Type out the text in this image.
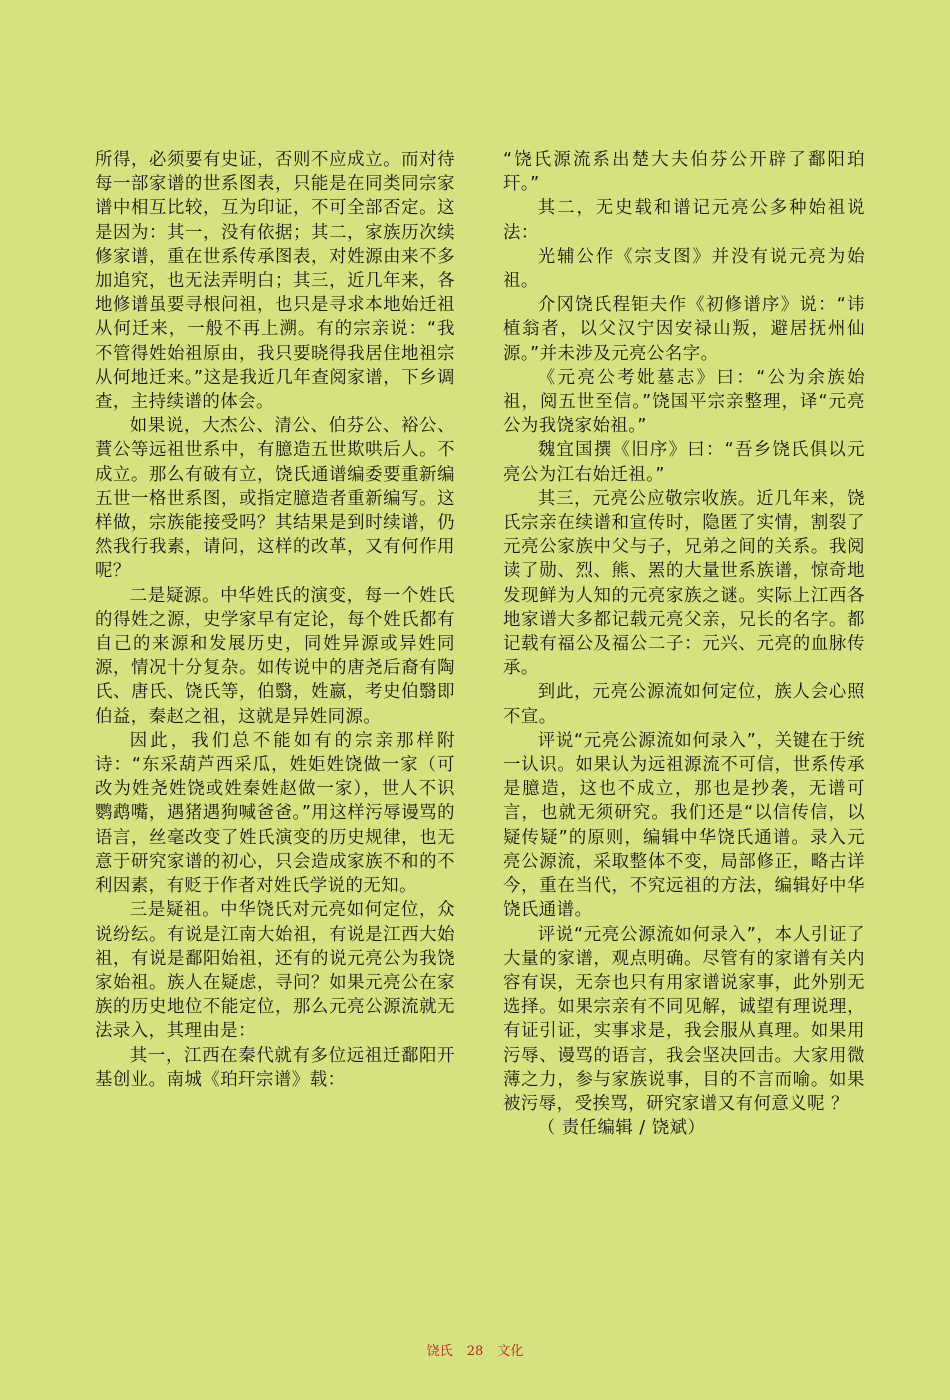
所得，必须要有史证，否则不应成立。而对待每一部家谱的世系图表，只能是在同类同宗家谱中相互比较，互为印证，不可全部否定。这是因为：其一，没有依据；其二，家族历次续修家谱，重在世系传承图表，对姓源由来不多加追究，也无法弄明白；其三，近几年来，各地修谱虽要寻根问祖，也只是寻求本地始迁祖从何迁来，一般不再上溯。有的宗亲说：“我不管得姓始祖原由，我只要晓得我居住地祖宗从何地迁来。”这是我近几年查阅家谱，下乡调查，主持续谱的体会。

如果说，大杰公、清公、伯芬公、裕公、蕡公等远祖世系中，有臆造五世欺哄后人。不成立。那么有破有立，饶氏通谱编委要重新编五世一格世系图，或指定臆造者重新编写。这样做，宗族能接受吗？其结果是到时续谱，仍然我行我素，请问，这样的改革，又有何作用呢？

二是疑源。中华姓氏的演变，每一个姓氏的得姓之源，史学家早有定论，每个姓氏都有自己的来源和发展历史，同姓异源或异姓同源，情况十分复杂。如传说中的唐尧后裔有陶氏、唐氏、饶氏等，伯翳，姓嬴，考史伯翳即伯益，秦赵之祖，这就是异姓同源。

因此，我们总不能如有的宗亲那样附诗：“东采葫芦西采瓜，姓姖姓饶做一家（可改为姓尧姓饶或姓秦姓赵做一家），世人不识鹦鹉嘴，遇猪遇狗喊爸爸。”用这样污辱谩骂的语言，丝毫改变了姓氏演变的历史规律，也无意于研究家谱的初心，只会造成家族不和的不利因素，有贬于作者对姓氏学说的无知。

三是疑祖。中华饶氏对元亮如何定位，众说纷纭。有说是江南大始祖，有说是江西大始祖，有说是鄱阳始祖，还有的说元亮公为我饶家始祖。族人在疑虑，寻问？如果元亮公在家族的历史地位不能定位，那么元亮公源流就无法录入，其理由是：

其一，江西在秦代就有多位远祖迁鄱阳开基创业。南城《珀玕宗谱》载：

“饶氏源流系出楚大夫伯芬公开辟了鄱阳珀玕。”

其二，无史载和谱记元亮公多种始祖说法：

光辅公作《宗支图》并没有说元亮为始祖。

介冈饶氏程钜夫作《初修谱序》说：“讳植翁者，以父汉宁因安禄山叛，避居抚州仙源。”并未涉及元亮公名字。

《元亮公考妣墓志》曰：“公为余族始祖，阅五世至信。”饶国平宗亲整理，译“元亮公为我饶家始祖。”

魏宜国撰《旧序》曰：“吾乡饶氏俱以元亮公为江右始迁祖。”

其三，元亮公应敬宗收族。近几年来，饶氏宗亲在续谱和宣传时，隐匿了实情，割裂了元亮公家族中父与子，兄弟之间的关系。我阅读了勋、烈、熊、罴的大量世系族谱，惊奇地发现鲜为人知的元亮家族之谜。实际上江西各地家谱大多都记载元亮父亲，兄长的名字。都记载有福公及福公二子：元兴、元亮的血脉传承。

到此，元亮公源流如何定位，族人会心照不宣。

评说“元亮公源流如何录入”，关键在于统一认识。如果认为远祖源流不可信，世系传承是臆造，这也不成立，那也是抄袭，无谱可言，也就无须研究。我们还是“以信传信，以疑传疑”的原则，编辑中华饶氏通谱。录入元亮公源流，采取整体不变，局部修正，略古详今，重在当代，不究远祖的方法，编辑好中华饶氏通谱。

评说“元亮公源流如何录入”，本人引证了大量的家谱，观点明确。尽管有的家谱有关内容有误，无奈也只有用家谱说家事，此外别无选择。如果宗亲有不同见解，诚望有理说理，有证引证，实事求是，我会服从真理。如果用污辱、谩骂的语言，我会坚决回击。大家用微薄之力，参与家族说事，目的不言而喻。如果被污辱，受挨骂，研究家谱又有何意义呢 ？

（ 责任编辑 / 饶斌）

饶氏 28 文化
